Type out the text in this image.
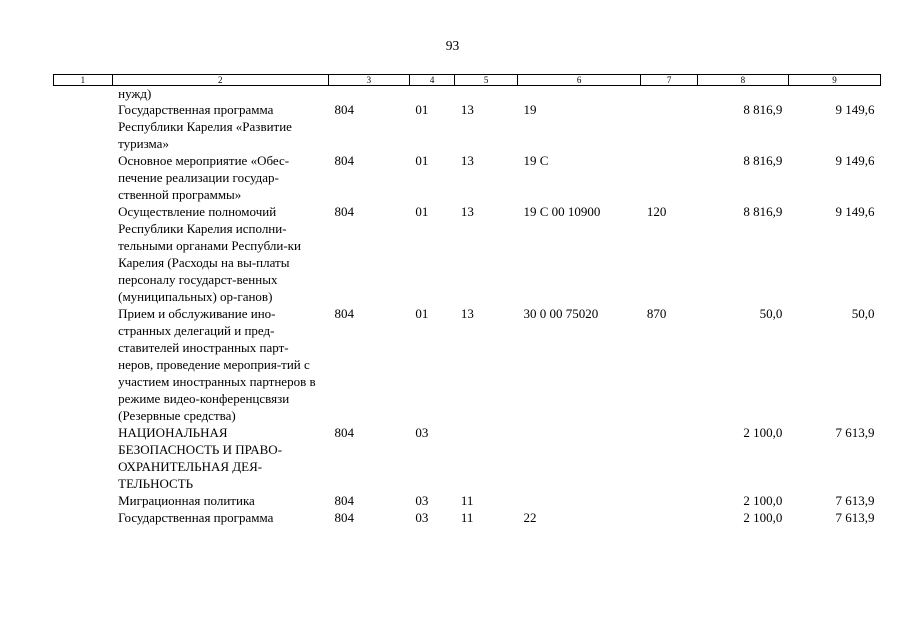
93
1	2	3	4	5	6	7	8	9
	нужд)							
	Государственная программа Республики Карелия «Развитие туризма»	804	01	13	19		8 816,9	9 149,6
	Основное мероприятие «Обес-печение реализации государ-ственной программы»	804	01	13	19 С		8 816,9	9 149,6
	Осуществление полномочий Республики Карелия исполни-тельными органами Республи-ки Карелия (Расходы на вы-платы персоналу государст-венных (муниципальных) ор-ганов)	804	01	13	19 С 00 10900	120	8 816,9	9 149,6
	Прием и обслуживание ино-странных делегаций и пред-ставителей иностранных парт-неров, проведение мероприя-тий с участием иностранных партнеров в режиме видео-конференцсвязи (Резервные средства)	804	01	13	30 0 00 75020	870	50,0	50,0
	НАЦИОНАЛЬНАЯ БЕЗОПАСНОСТЬ И ПРАВО-ОХРАНИТЕЛЬНАЯ ДЕЯ-ТЕЛЬНОСТЬ	804	03				2 100,0	7 613,9
	Миграционная политика	804	03	11			2 100,0	7 613,9
	Государственная программа	804	03	11	22		2 100,0	7 613,9
